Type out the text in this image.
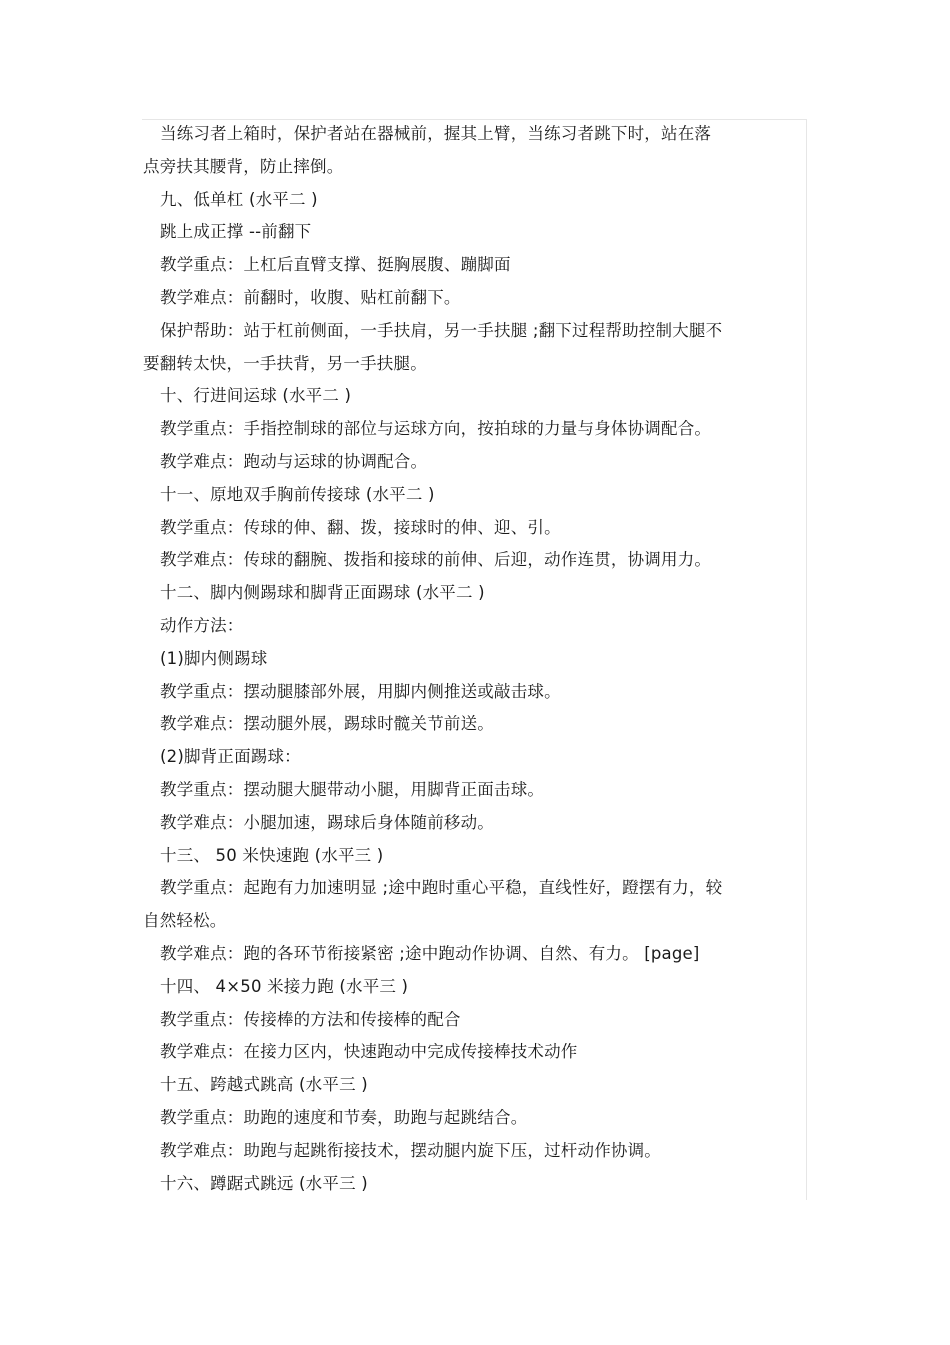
当练习者上箱时，保护者站在器械前，握其上臂，当练习者跳下时，站在落
点旁扶其腰背，防止摔倒。
九、低单杠 (水平二 )
跳上成正撑 --前翻下
教学重点：上杠后直臂支撑、挺胸展腹、蹦脚面
教学难点：前翻时，收腹、贴杠前翻下。
保护帮助：站于杠前侧面，一手扶肩，另一手扶腿 ;翻下过程帮助控制大腿不
要翻转太快，一手扶背，另一手扶腿。
十、行进间运球 (水平二 )
教学重点：手指控制球的部位与运球方向，按拍球的力量与身体协调配合。
教学难点：跑动与运球的协调配合。
十一、原地双手胸前传接球 (水平二 )
教学重点：传球的伸、翻、拨，接球时的伸、迎、引。
教学难点：传球的翻腕、拨指和接球的前伸、后迎，动作连贯，协调用力。
十二、脚内侧踢球和脚背正面踢球 (水平二 )
动作方法：
(1)脚内侧踢球
教学重点：摆动腿膝部外展，用脚内侧推送或敲击球。
教学难点：摆动腿外展，踢球时髋关节前送。
(2)脚背正面踢球：
教学重点：摆动腿大腿带动小腿，用脚背正面击球。
教学难点：小腿加速，踢球后身体随前移动。
十三、 50 米快速跑 (水平三 )
教学重点：起跑有力加速明显 ;途中跑时重心平稳，直线性好，蹬摆有力，较
自然轻松。
教学难点：跑的各环节衔接紧密 ;途中跑动作协调、自然、有力。 [page]
十四、 4×50 米接力跑 (水平三 )
教学重点：传接棒的方法和传接棒的配合
教学难点：在接力区内，快速跑动中完成传接棒技术动作
十五、跨越式跳高 (水平三 )
教学重点：助跑的速度和节奏，助跑与起跳结合。
教学难点：助跑与起跳衔接技术，摆动腿内旋下压，过杆动作协调。
十六、蹲踞式跳远 (水平三 )
